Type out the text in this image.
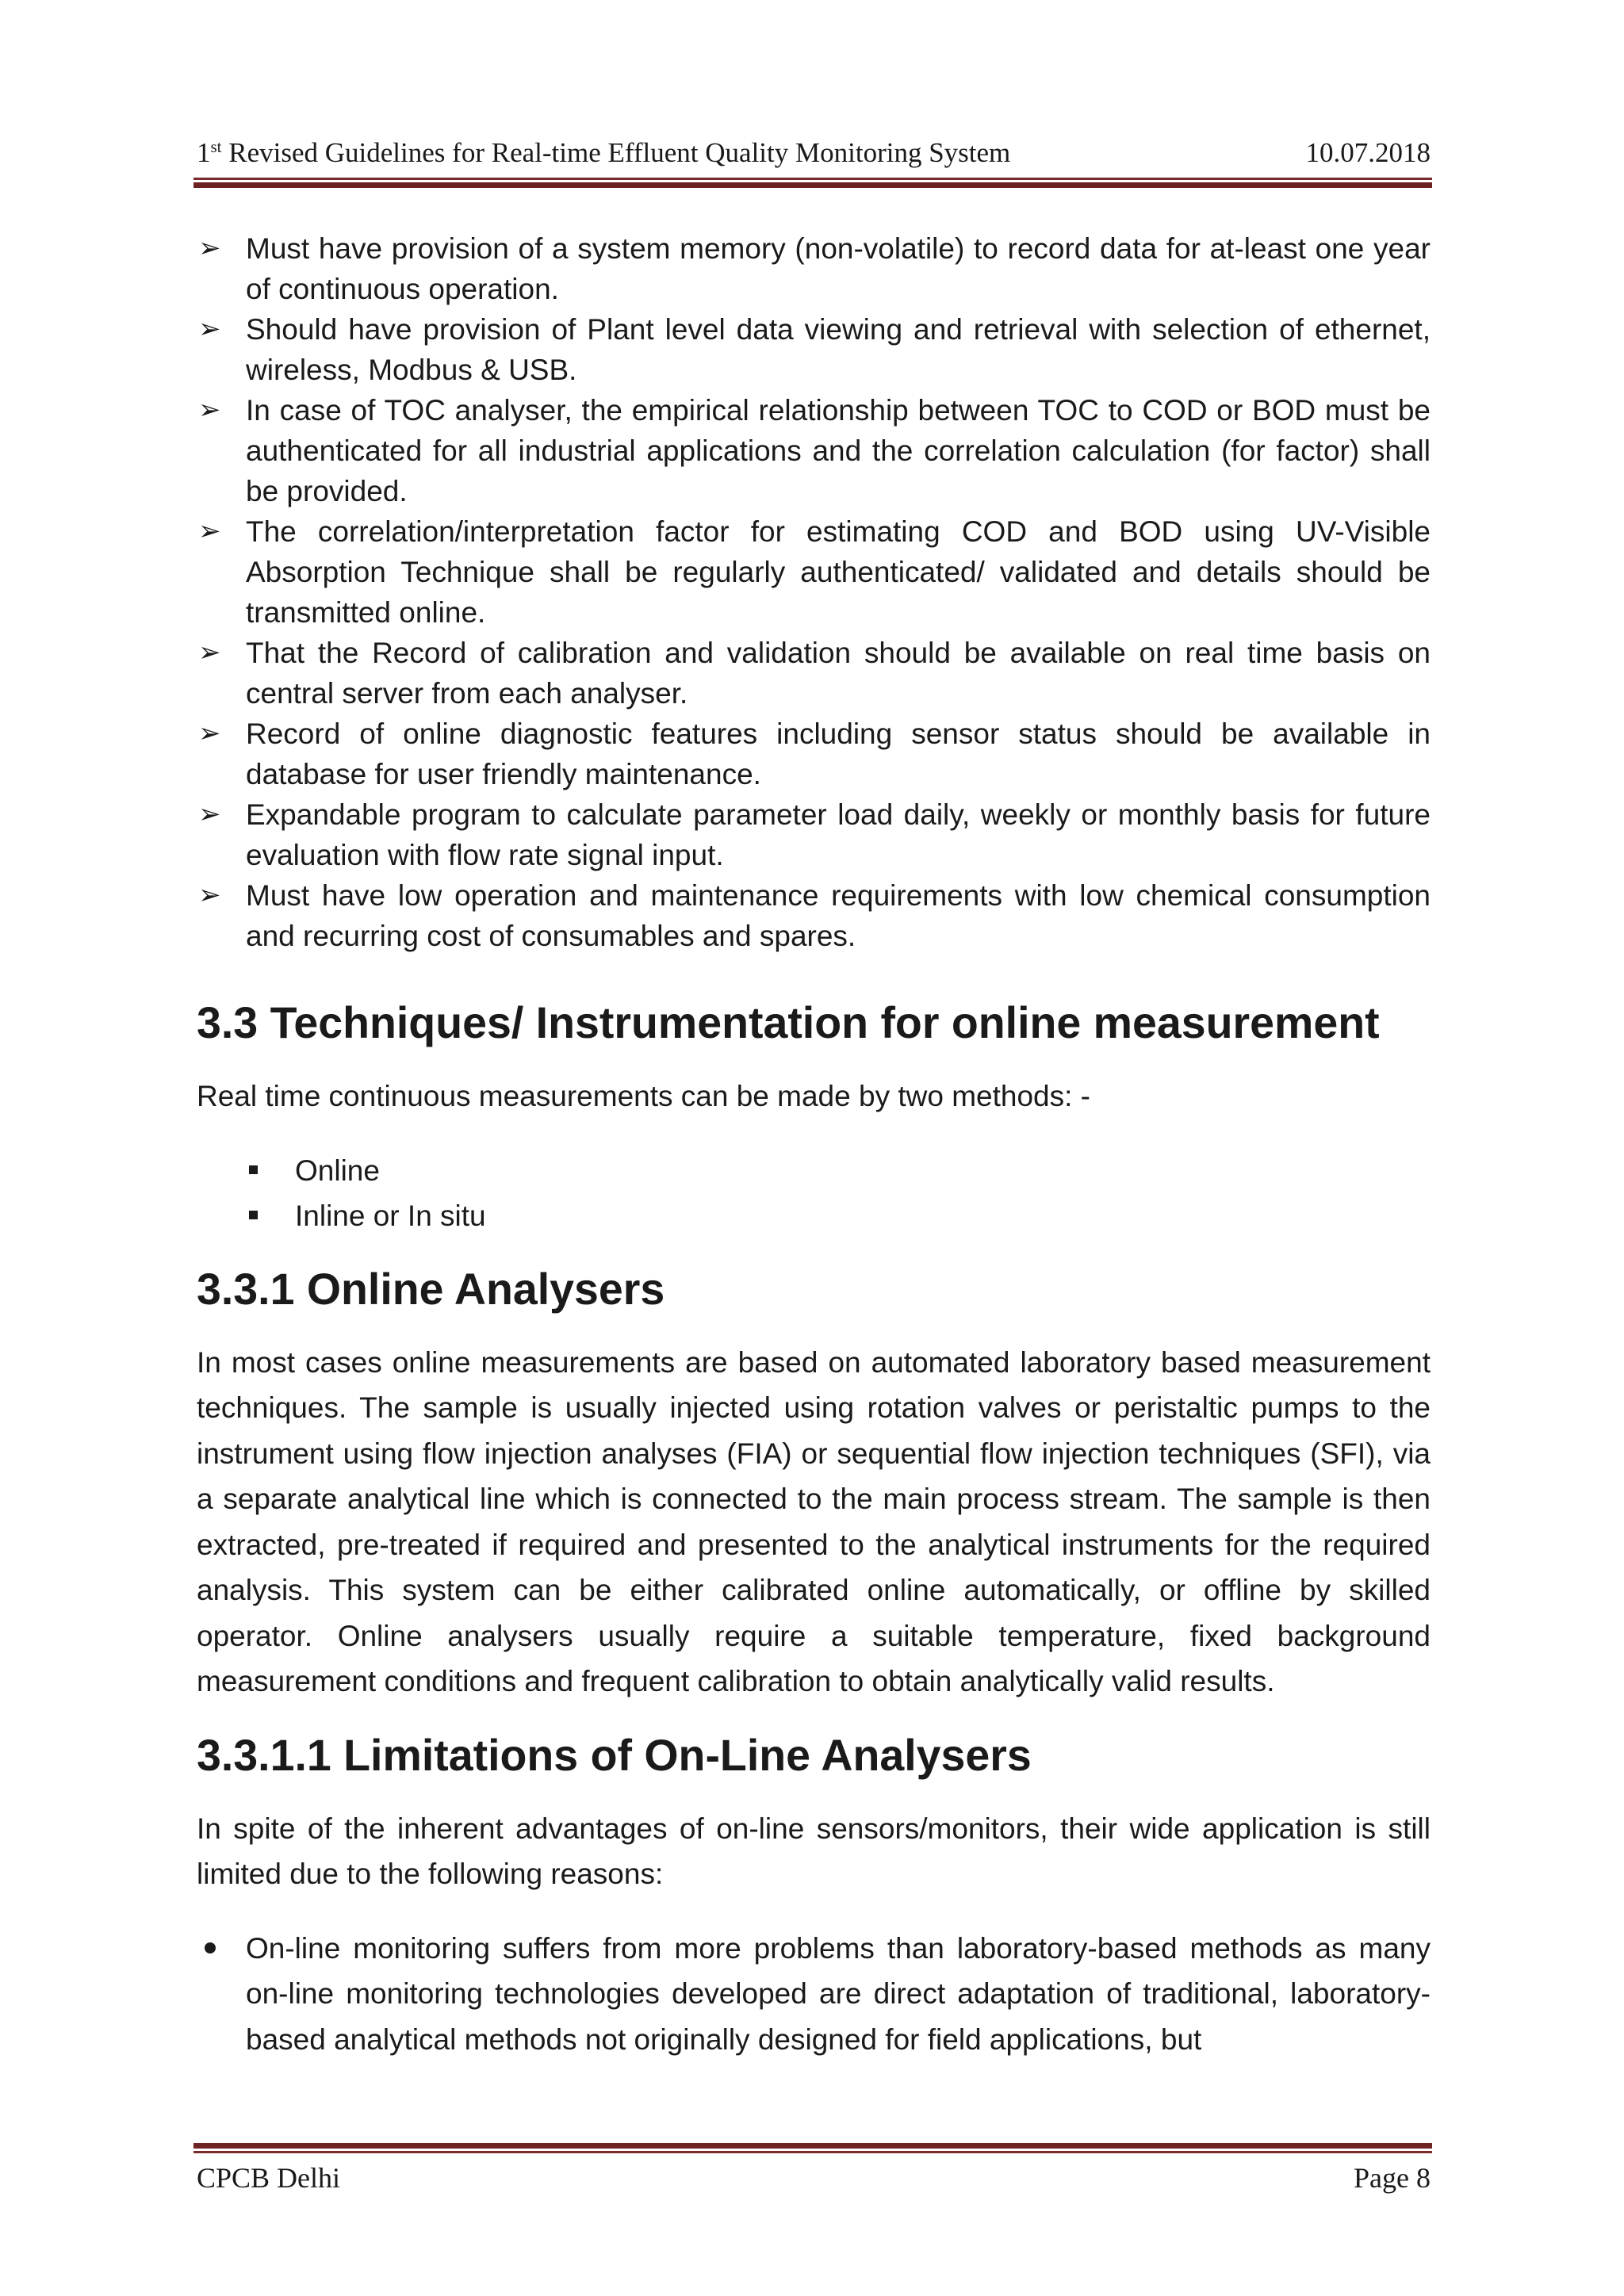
1st Revised Guidelines for Real-time Effluent Quality Monitoring System	10.07.2018
➢ Must have provision of a system memory (non-volatile) to record data for at-least one year of continuous operation.
➢ Should have provision of Plant level data viewing and retrieval with selection of ethernet, wireless, Modbus & USB.
➢ In case of TOC analyser, the empirical relationship between TOC to COD or BOD must be authenticated for all industrial applications and the correlation calculation (for factor) shall be provided.
➢ The correlation/interpretation factor for estimating COD and BOD using UV-Visible Absorption Technique shall be regularly authenticated/ validated and details should be transmitted online.
➢ That the Record of calibration and validation should be available on real time basis on central server from each analyser.
➢ Record of online diagnostic features including sensor status should be available in database for user friendly maintenance.
➢ Expandable program to calculate parameter load daily, weekly or monthly basis for future evaluation with flow rate signal input.
➢ Must have low operation and maintenance requirements with low chemical consumption and recurring cost of consumables and spares.
3.3 Techniques/ Instrumentation for online measurement

Real time continuous measurements can be made by two methods: -

Online
Inline or In situ
3.3.1 Online Analysers

In most cases online measurements are based on automated laboratory based measurement techniques. The sample is usually injected using rotation valves or peristaltic pumps to the instrument using flow injection analyses (FIA) or sequential flow injection techniques (SFI), via a separate analytical line which is connected to the main process stream. The sample is then extracted, pre-treated if required and presented to the analytical instruments for the required analysis. This system can be either calibrated online automatically, or offline by skilled operator. Online analysers usually require a suitable temperature, fixed background measurement conditions and frequent calibration to obtain analytically valid results.

3.3.1.1 Limitations of On-Line Analysers

In spite of the inherent advantages of on-line sensors/monitors, their wide application is still limited due to the following reasons:

On-line monitoring suffers from more problems than laboratory-based methods as many on-line monitoring technologies developed are direct adaptation of traditional, laboratory-based analytical methods not originally designed for field applications, but
CPCB Delhi	Page 8
